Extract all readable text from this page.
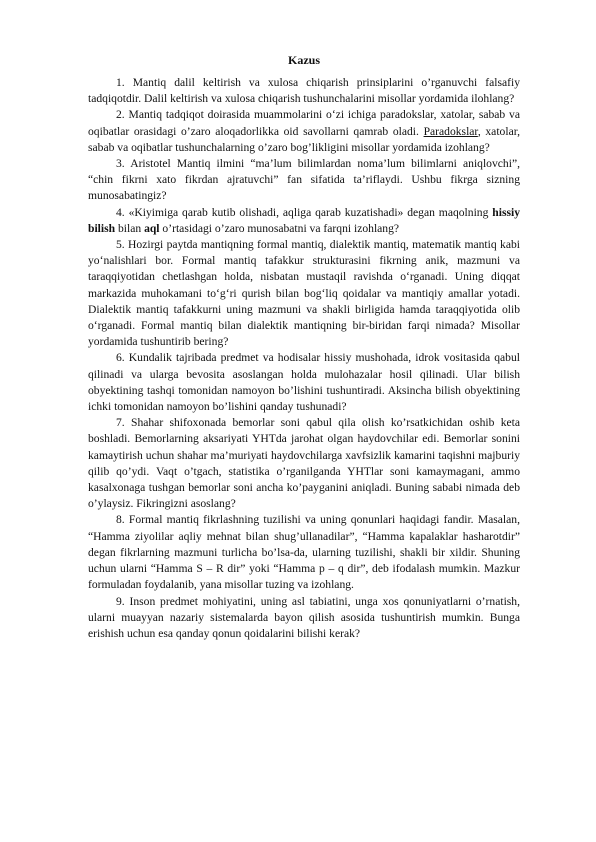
Kazus

1. Mantiq dalil keltirish va xulosa chiqarish prinsiplarini o’rganuvchi falsafiy tadqiqotdir. Dalil keltirish va xulosa chiqarish tushunchalarini misollar yordamida ilohlang?

2. Mantiq tadqiqot doirasida muammolarini o‘zi ichiga paradokslar, xatolar, sabab va oqibatlar orasidagi o’zaro aloqadorlikka oid savollarni qamrab oladi. Paradokslar, xatolar, sabab va oqibatlar tushunchalarning o’zaro bog’likligini misollar yordamida izohlang?

3. Aristotel Mantiq ilmini “ma’lum bilimlardan noma’lum bilimlarni aniqlovchi”, “chin fikrni xato fikrdan ajratuvchi” fan sifatida ta’riflaydi. Ushbu fikrga sizning munosabatingiz?

4. «Kiyimiga qarab kutib olishadi, aqliga qarab kuzatishadi» degan maqolning hissiy bilish bilan aql o’rtasidagi o’zaro munosabatni va farqni izohlang?

5. Hozirgi paytda mantiqning formal mantiq, dialektik mantiq, matematik mantiq kabi yo‘nalishlari bor. Formal mantiq tafakkur strukturasini fikrning anik, mazmuni va taraqqiyotidan chetlashgan holda, nisbatan mustaqil ravishda o‘rganadi. Uning diqqat markazida muhokamani to‘g‘ri qurish bilan bog‘liq qoidalar va mantiqiy amallar yotadi. Dialektik mantiq tafakkurni uning mazmuni va shakli birligida hamda taraqqiyotida olib o‘rganadi. Formal mantiq bilan dialektik mantiqning bir-biridan farqi nimada? Misollar yordamida tushuntirib bering?

6. Kundalik tajribada predmet va hodisalar hissiy mushohada, idrok vositasida qabul qilinadi va ularga bevosita asoslangan holda mulohazalar hosil qilinadi. Ular bilish obyektining tashqi tomonidan namoyon bo’lishini tushuntiradi. Aksincha bilish obyektining ichki tomonidan namoyon bo’lishini qanday tushunadi?

7. Shahar shifoxonada bemorlar soni qabul qila olish ko’rsatkichidan oshib keta boshladi. Bemorlarning aksariyati YHTda jarohat olgan haydovchilar edi. Bemorlar sonini kamaytirish uchun shahar ma’muriyati haydovchilarga xavfsizlik kamarini taqishni majburiy qilib qo’ydi. Vaqt o’tgach, statistika o’rganilganda YHTlar soni kamaymagani, ammo kasalxonaga tushgan bemorlar soni ancha ko’payganini aniqladi. Buning sababi nimada deb o’ylaysiz. Fikringizni asoslang?

8. Formal mantiq fikrlashning tuzilishi va uning qonunlari haqidagi fandir. Masalan, “Hamma ziyolilar aqliy mehnat bilan shug’ullanadilar”, “Hamma kapalaklar hasharotdir” degan fikrlarning mazmuni turlicha bo’lsa-da, ularning tuzilishi, shakli bir xildir. Shuning uchun ularni “Hamma S – R dir” yoki “Hamma p – q dir”, deb ifodalash mumkin. Mazkur formuladan foydalanib, yana misollar tuzing va izohlang.

9. Inson predmet mohiyatini, uning asl tabiatini, unga xos qonuniyatlarni o’rnatish, ularni muayyan nazariy sistemalarda bayon qilish asosida tushuntirish mumkin. Bunga erishish uchun esa qanday qonun qoidalarini bilishi kerak?
